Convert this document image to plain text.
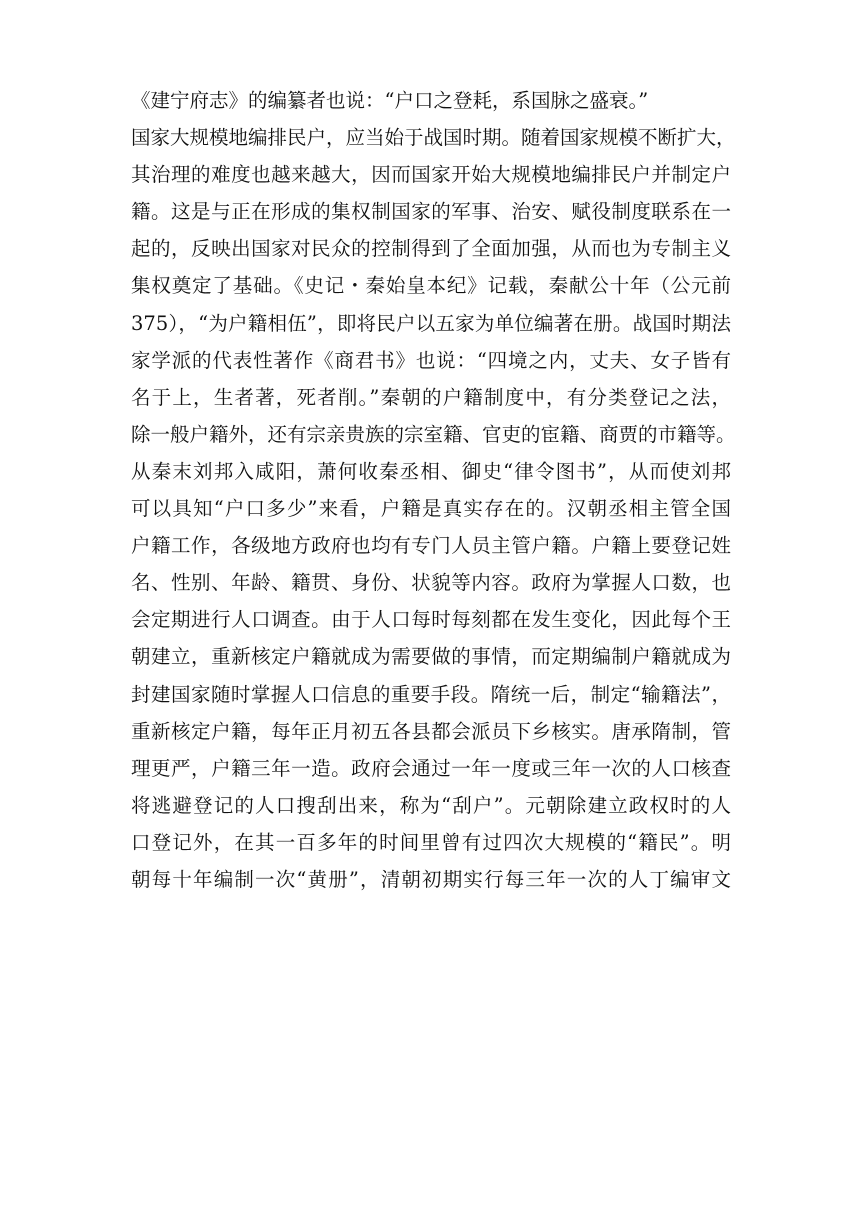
《建宁府志》的编纂者也说：“户口之登耗，系国脉之盛衰。”
国家大规模地编排民户，应当始于战国时期。随着国家规模不断扩大，
其治理的难度也越来越大，因而国家开始大规模地编排民户并制定户
籍。这是与正在形成的集权制国家的军事、治安、赋役制度联系在一
起的，反映出国家对民众的控制得到了全面加强，从而也为专制主义
集权奠定了基础。《史记・秦始皇本纪》记载，秦献公十年（公元前
375），“为户籍相伍”，即将民户以五家为单位编著在册。战国时期法
家学派的代表性著作《商君书》也说：“四境之内，丈夫、女子皆有
名于上，生者著，死者削。”秦朝的户籍制度中，有分类登记之法，
除一般户籍外，还有宗亲贵族的宗室籍、官吏的宦籍、商贾的市籍等。
从秦末刘邦入咸阳，萧何收秦丞相、御史“律令图书”，从而使刘邦
可以具知“户口多少”来看，户籍是真实存在的。汉朝丞相主管全国
户籍工作，各级地方政府也均有专门人员主管户籍。户籍上要登记姓
名、性别、年龄、籍贯、身份、状貌等内容。政府为掌握人口数，也
会定期进行人口调查。由于人口每时每刻都在发生变化，因此每个王
朝建立，重新核定户籍就成为需要做的事情，而定期编制户籍就成为
封建国家随时掌握人口信息的重要手段。隋统一后，制定“输籍法”，
重新核定户籍，每年正月初五各县都会派员下乡核实。唐承隋制，管
理更严，户籍三年一造。政府会通过一年一度或三年一次的人口核查
将逃避登记的人口搜刮出来，称为“刮户”。元朝除建立政权时的人
口登记外，在其一百多年的时间里曾有过四次大规模的“籍民”。明
朝每十年编制一次“黄册”，清朝初期实行每三年一次的人丁编审文
